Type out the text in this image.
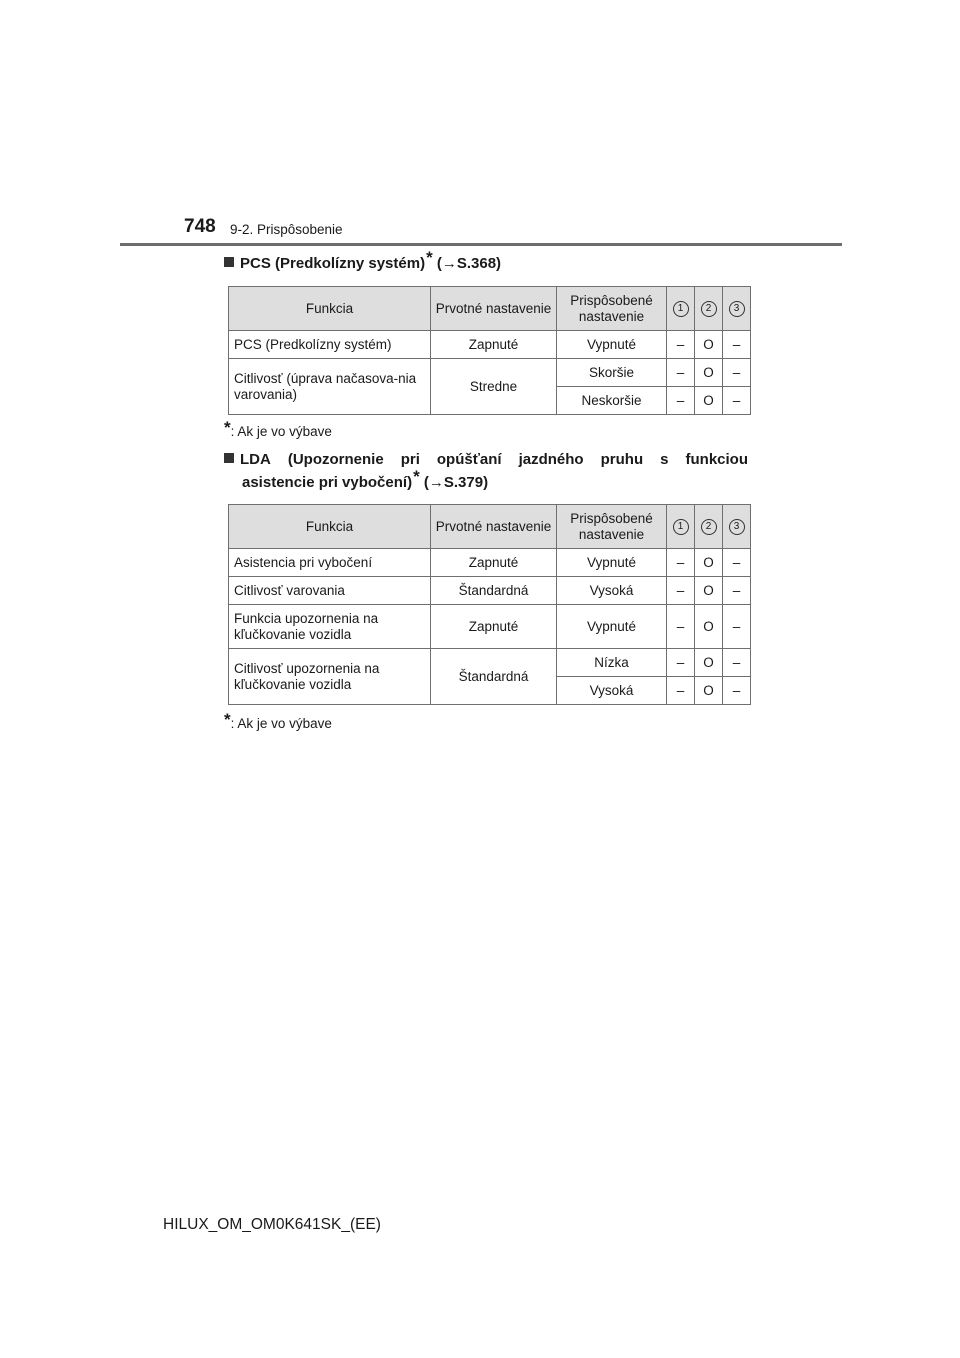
748 9-2. Prispôsobenie
PCS (Predkolízny systém)* (→S.368)
Funkcia	Prvotné nastavenie	Prispôsobené nastavenie	1	2	3
PCS (Predkolízny systém)	Zapnuté	Vypnuté	–	O	–
Citlivosť (úprava načasova-nia varovania)	Stredne	Skoršie	–	O	–
		Neskoršie	–	O	–
*: Ak je vo výbave
LDA (Upozornenie pri opúšťaní jazdného pruhu s funkciou
asistencie pri vybočení)* (→S.379)
Funkcia	Prvotné nastavenie	Prispôsobené nastavenie	1	2	3
Asistencia pri vybočení	Zapnuté	Vypnuté	–	O	–
Citlivosť varovania	Štandardná	Vysoká	–	O	–
Funkcia upozornenia na kľučkovanie vozidla	Zapnuté	Vypnuté	–	O	–
Citlivosť upozornenia na kľučkovanie vozidla	Štandardná	Nízka	–	O	–
		Vysoká	–	O	–
*: Ak je vo výbave
HILUX_OM_OM0K641SK_(EE)
